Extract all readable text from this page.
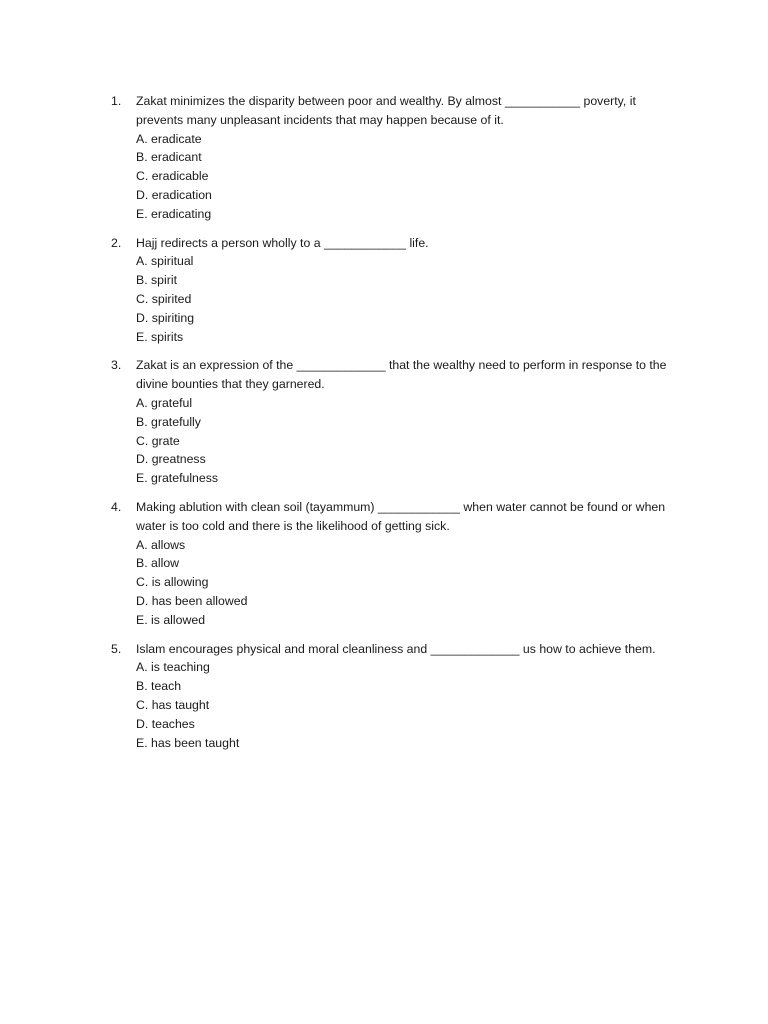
1.	Zakat minimizes the disparity between poor and wealthy. By almost ___________ poverty, it prevents many unpleasant incidents that may happen because of it.
A. eradicate
B. eradicant
C. eradicable
D. eradication
E. eradicating
2.	Hajj redirects a person wholly to a ____________ life.
A. spiritual
B. spirit
C. spirited
D. spiriting
E. spirits
3.	Zakat is an expression of the _____________ that the wealthy need to perform in response to the divine bounties that they garnered.
A. grateful
B. gratefully
C. grate
D. greatness
E. gratefulness
4.	Making ablution with clean soil (tayammum) ____________ when water cannot be found or when water is too cold and there is the likelihood of getting sick.
A. allows
B. allow
C. is allowing
D. has been allowed
E. is allowed
5.	Islam encourages physical and moral cleanliness and _____________ us how to achieve them.
A. is teaching
B. teach
C. has taught
D. teaches
E. has been taught
